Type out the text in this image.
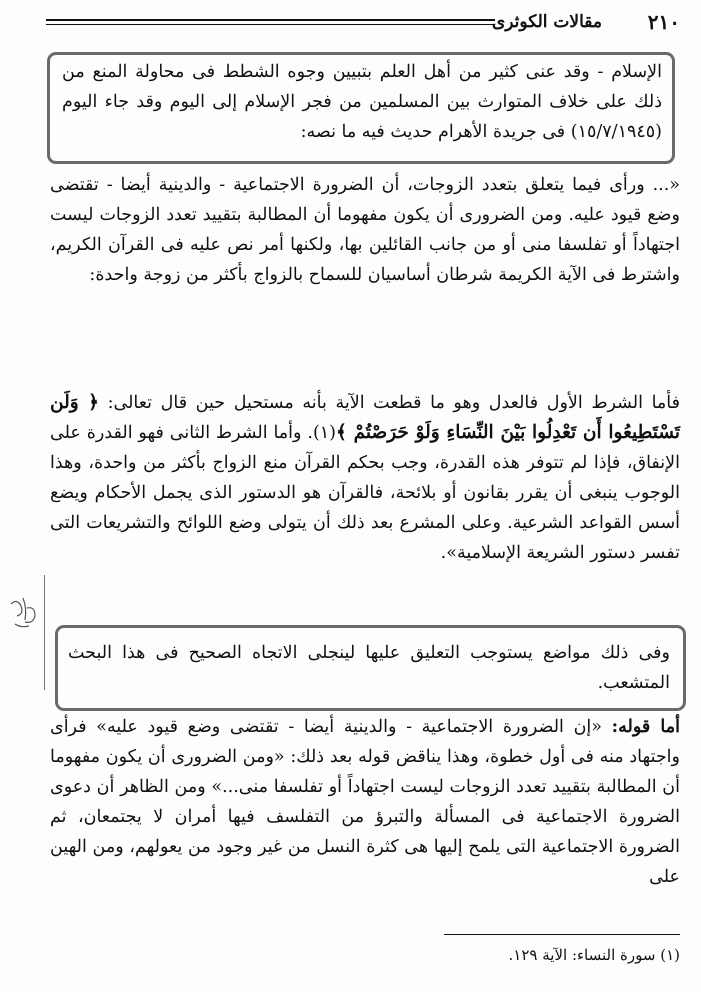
٢١٠
مقالات الكوثرى

الإسلام - وقد عنى كثير من أهل العلم بتبيين وجوه الشطط فى محاولة المنع من ذلك على خلاف المتوارث بين المسلمين من فجر الإسلام إلى اليوم وقد جاء اليوم (١٥/٧/١٩٤٥) فى جريدة الأهرام حديث فيه ما نصه:

«... ورأى فيما يتعلق بتعدد الزوجات، أن الضرورة الاجتماعية - والدينية أيضا - تقتضى وضع قيود عليه. ومن الضرورى أن يكون مفهوما أن المطالبة بتقييد تعدد الزوجات ليست اجتهاداً أو تفلسفا منى أو من جانب القائلين بها، ولكنها أمر نص عليه فى القرآن الكريم، واشترط فى الآية الكريمة شرطان أساسيان للسماح بالزواج بأكثر من زوجة واحدة:

فأما الشرط الأول فالعدل وهو ما قطعت الآية بأنه مستحيل حين قال تعالى: ﴿ وَلَن تَسْتَطِيعُوا أَن تَعْدِلُوا بَيْنَ النِّسَاءِ وَلَوْ حَرَصْتُمْ ﴾(١). وأما الشرط الثانى فهو القدرة على الإنفاق، فإذا لم تتوفر هذه القدرة، وجب بحكم القرآن منع الزواج بأكثر من واحدة، وهذا الوجوب ينبغى أن يقرر بقانون أو بلائحة، فالقرآن هو الدستور الذى يجمل الأحكام ويضع أسس القواعد الشرعية. وعلى المشرع بعد ذلك أن يتولى وضع اللوائح والتشريعات التى تفسر دستور الشريعة الإسلامية».

وفى ذلك مواضع يستوجب التعليق عليها لينجلى الاتجاه الصحيح فى هذا البحث المتشعب.

أما قوله: «إن الضرورة الاجتماعية - والدينية أيضا - تقتضى وضع قيود عليه» فرأى واجتهاد منه فى أول خطوة، وهذا يناقض قوله بعد ذلك: «ومن الضرورى أن يكون مفهوما أن المطالبة بتقييد تعدد الزوجات ليست اجتهاداً أو تفلسفا منى...» ومن الظاهر أن دعوى الضرورة الاجتماعية فى المسألة والتبرؤ من التفلسف فيها أمران لا يجتمعان، ثم الضرورة الاجتماعية التى يلمح إليها هى كثرة النسل من غير وجود من يعولهم، ومن الهين على

(١) سورة النساء: الآية ١٢٩.
